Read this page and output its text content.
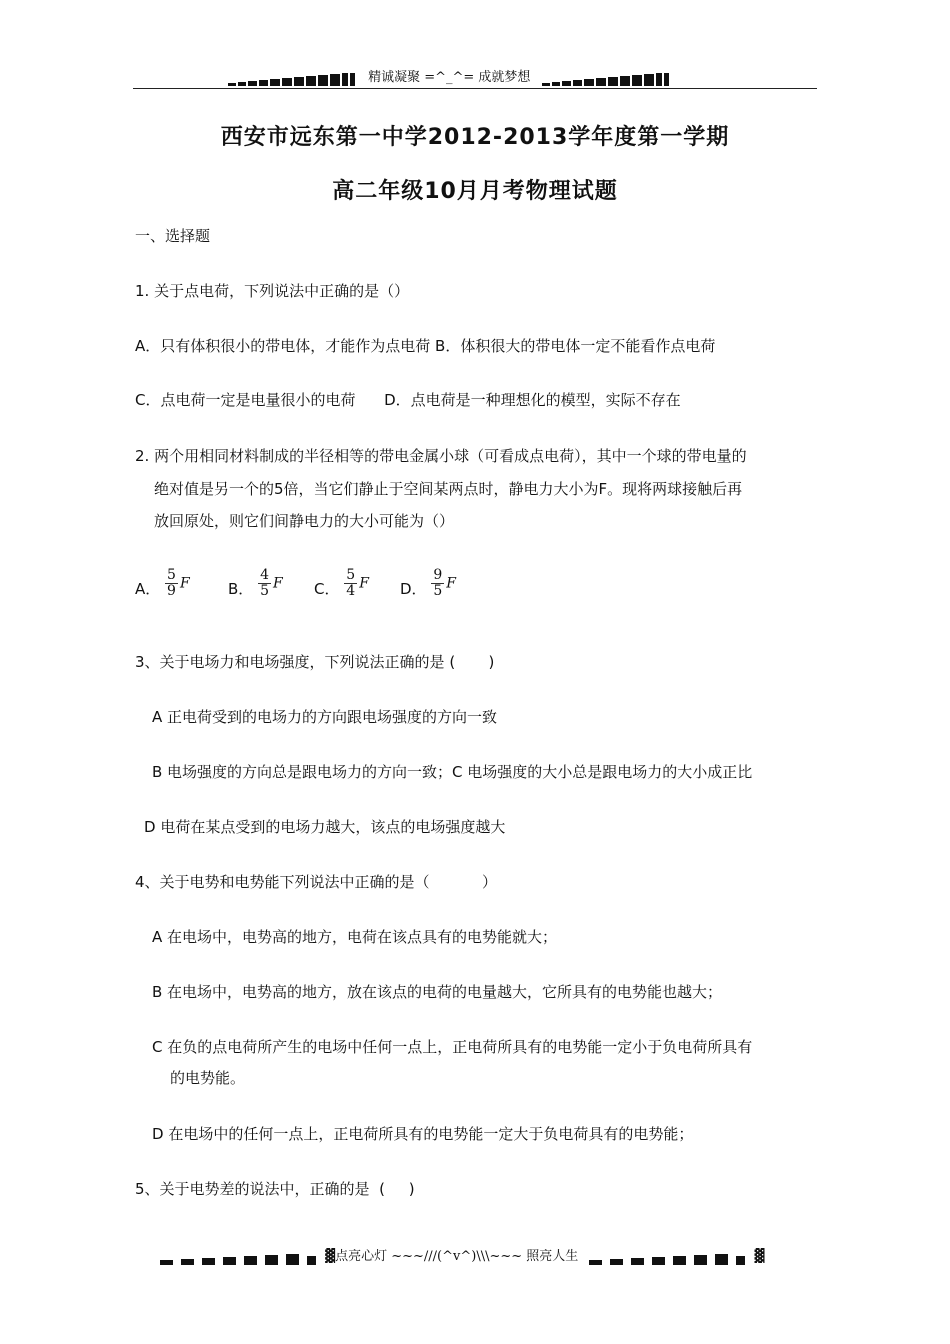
精诚凝聚 =^_^= 成就梦想
西安市远东第一中学2012-2013学年度第一学期
高二年级10月月考物理试题
一、选择题
1. 关于点电荷，下列说法中正确的是（）
A．只有体积很小的带电体，才能作为点电荷 B．体积很大的带电体一定不能看作点电荷
C．点电荷一定是电量很小的电荷      D．点电荷是一种理想化的模型，实际不存在
2. 两个用相同材料制成的半径相等的带电金属小球（可看成点电荷），其中一个球的带电量的
绝对值是另一个的5倍，当它们静止于空间某两点时，静电力大小为F。现将两球接触后再
放回原处，则它们间静电力的大小可能为（）
A． $\frac{5}{9}$ F	B． $\frac{4}{5}$ F C． $\frac{5}{4}$ F D． $\frac{9}{5}$ F
3、关于电场力和电场强度，下列说法正确的是 (       )
A 正电荷受到的电场力的方向跟电场强度的方向一致
B 电场强度的方向总是跟电场力的方向一致；C 电场强度的大小总是跟电场力的大小成正比
D 电荷在某点受到的电场力越大，该点的电场强度越大
4、关于电势和电势能下列说法中正确的是（           ）
A 在电场中，电势高的地方，电荷在该点具有的电势能就大；
B 在电场中，电势高的地方，放在该点的电荷的电量越大，它所具有的电势能也越大；
C 在负的点电荷所产生的电场中任何一点上，正电荷所具有的电势能一定小于负电荷所具有
的电势能。
D 在电场中的任何一点上，正电荷所具有的电势能一定大于负电荷具有的电势能；
5、关于电势差的说法中，正确的是  (     )
▓点亮心灯 ~~~///(^v^)\\\~~~ 照亮人生	▓
